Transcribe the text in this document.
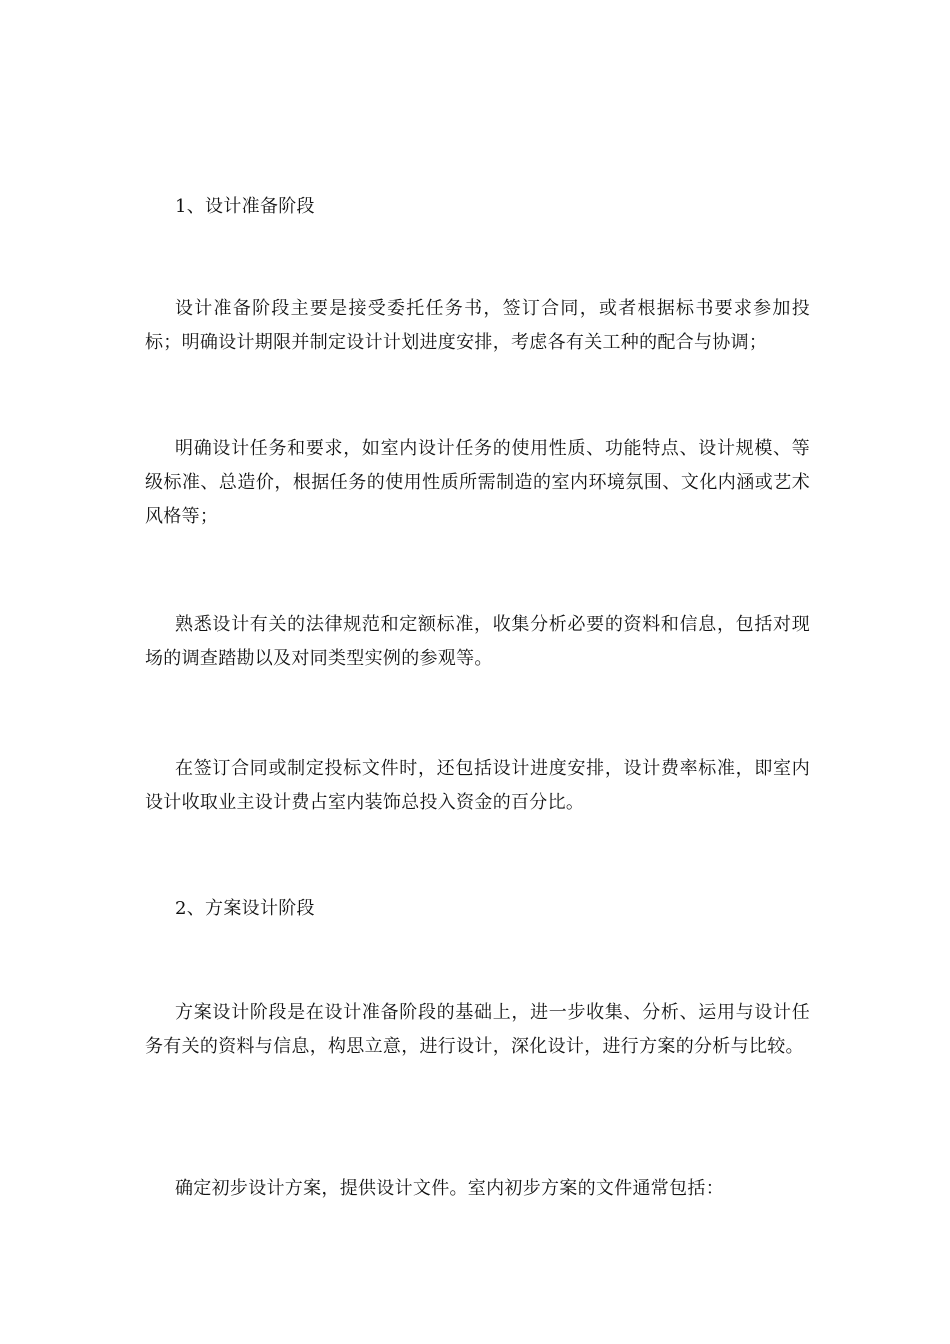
1、设计准备阶段

设计准备阶段主要是接受委托任务书，签订合同，或者根据标书要求参加投标；明确设计期限并制定设计计划进度安排，考虑各有关工种的配合与协调；

明确设计任务和要求，如室内设计任务的使用性质、功能特点、设计规模、等级标准、总造价，根据任务的使用性质所需制造的室内环境氛围、文化内涵或艺术风格等；

熟悉设计有关的法律规范和定额标准，收集分析必要的资料和信息，包括对现场的调查踏勘以及对同类型实例的参观等。

在签订合同或制定投标文件时，还包括设计进度安排，设计费率标准，即室内设计收取业主设计费占室内装饰总投入资金的百分比。

2、方案设计阶段

方案设计阶段是在设计准备阶段的基础上，进一步收集、分析、运用与设计任务有关的资料与信息，构思立意，进行设计，深化设计，进行方案的分析与比较。

确定初步设计方案，提供设计文件。室内初步方案的文件通常包括：
